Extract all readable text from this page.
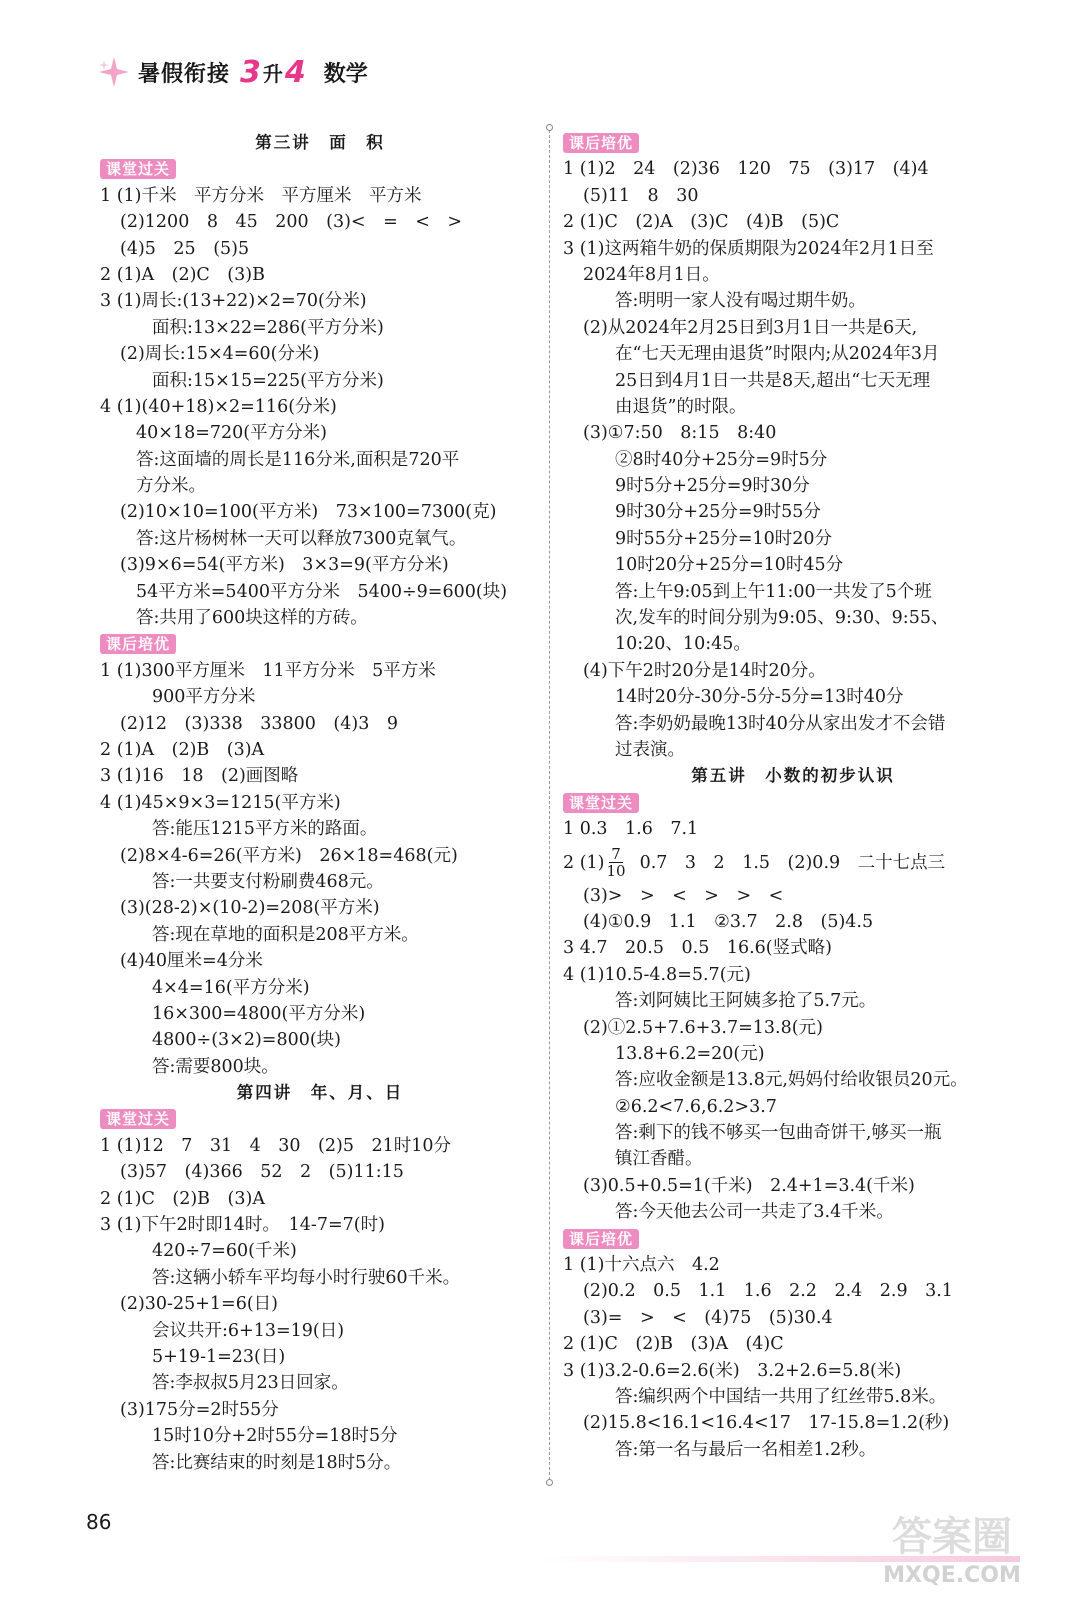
暑假衔接 3 升 4 数学
第三讲　面　积
课堂过关
1 (1)千米　平方分米　平方厘米　平方米
(2)1200　8　45　200　(3)<　=　<　>
(4)5　25　(5)5
2 (1)A　(2)C　(3)B
3 (1)周长:(13+22)×2=70(分米)
面积:13×22=286(平方分米)
(2)周长:15×4=60(分米)
面积:15×15=225(平方分米)
4 (1)(40+18)×2=116(分米)
40×18=720(平方分米)
答:这面墙的周长是116分米,面积是720平
方分米。
(2)10×10=100(平方米)　73×100=7300(克)
答:这片杨树林一天可以释放7300克氧气。
(3)9×6=54(平方米)　3×3=9(平方分米)
54平方米=5400平方分米　5400÷9=600(块)
答:共用了600块这样的方砖。
课后培优
1 (1)300平方厘米　11平方分米　5平方米
900平方分米
(2)12　(3)338　33800　(4)3　9
2 (1)A　(2)B　(3)A
3 (1)16　18　(2)画图略
4 (1)45×9×3=1215(平方米)
答:能压1215平方米的路面。
(2)8×4-6=26(平方米)　26×18=468(元)
答:一共要支付粉刷费468元。
(3)(28-2)×(10-2)=208(平方米)
答:现在草地的面积是208平方米。
(4)40厘米=4分米
4×4=16(平方分米)
16×300=4800(平方分米)
4800÷(3×2)=800(块)
答:需要800块。
第四讲　年、月、日
课堂过关
1 (1)12　7　31　4　30　(2)5　21时10分
(3)57　(4)366　52　2　(5)11:15
2 (1)C　(2)B　(3)A
3 (1)下午2时即14时。　14-7=7(时)
420÷7=60(千米)
答:这辆小轿车平均每小时行驶60千米。
(2)30-25+1=6(日)
会议共开:6+13=19(日)
5+19-1=23(日)
答:李叔叔5月23日回家。
(3)175分=2时55分
15时10分+2时55分=18时5分
答:比赛结束的时刻是18时5分。
课后培优
1 (1)2　24　(2)36　120　75　(3)17　(4)4
(5)11　8　30
2 (1)C　(2)A　(3)C　(4)B　(5)C
3 (1)这两箱牛奶的保质期限为2024年2月1日至
2024年8月1日。
答:明明一家人没有喝过期牛奶。
(2)从2024年2月25日到3月1日一共是6天,
在“七天无理由退货”时限内;从2024年3月
25日到4月1日一共是8天,超出“七天无理
由退货”的时限。
(3)①7:50　8:15　8:40
②8时40分+25分=9时5分
9时5分+25分=9时30分
9时30分+25分=9时55分
9时55分+25分=10时20分
10时20分+25分=10时45分
答:上午9:05到上午11:00一共发了5个班
次,发车的时间分别为9:05、9:30、9:55、
10:20、10:45。
(4)下午2时20分是14时20分。
14时20分-30分-5分-5分=13时40分
答:李奶奶最晚13时40分从家出发才不会错
过表演。
第五讲　小数的初步认识
课堂过关
1 0.3　1.6　7.1
2 $(1) \frac{7}{10} 0.7$　3　2　1.5　(2)0.9　二十七点三
(3)>　>　<　>　>　<
(4)①0.9　1.1　②3.7　2.8　(5)4.5
3 4.7　20.5　0.5　16.6(竖式略)
4 (1)10.5-4.8=5.7(元)
答:刘阿姨比王阿姨多抢了5.7元。
(2)①2.5+7.6+3.7=13.8(元)
13.8+6.2=20(元)
答:应收金额是13.8元,妈妈付给收银员20元。
②6.2<7.6,6.2>3.7
答:剩下的钱不够买一包曲奇饼干,够买一瓶
镇江香醋。
(3)0.5+0.5=1(千米)　2.4+1=3.4(千米)
答:今天他去公司一共走了3.4千米。
课后培优
1 (1)十六点六　4.2
(2)0.2　0.5　1.1　1.6　2.2　2.4　2.9　3.1
(3)=　>　<　(4)75　(5)30.4
2 (1)C　(2)B　(3)A　(4)C
3 (1)3.2-0.6=2.6(米)　3.2+2.6=5.8(米)
答:编织两个中国结一共用了红丝带5.8米。
(2)15.8<16.1<16.4<17　17-15.8=1.2(秒)
答:第一名与最后一名相差1.2秒。
86	答案圈
MXQE.COM
